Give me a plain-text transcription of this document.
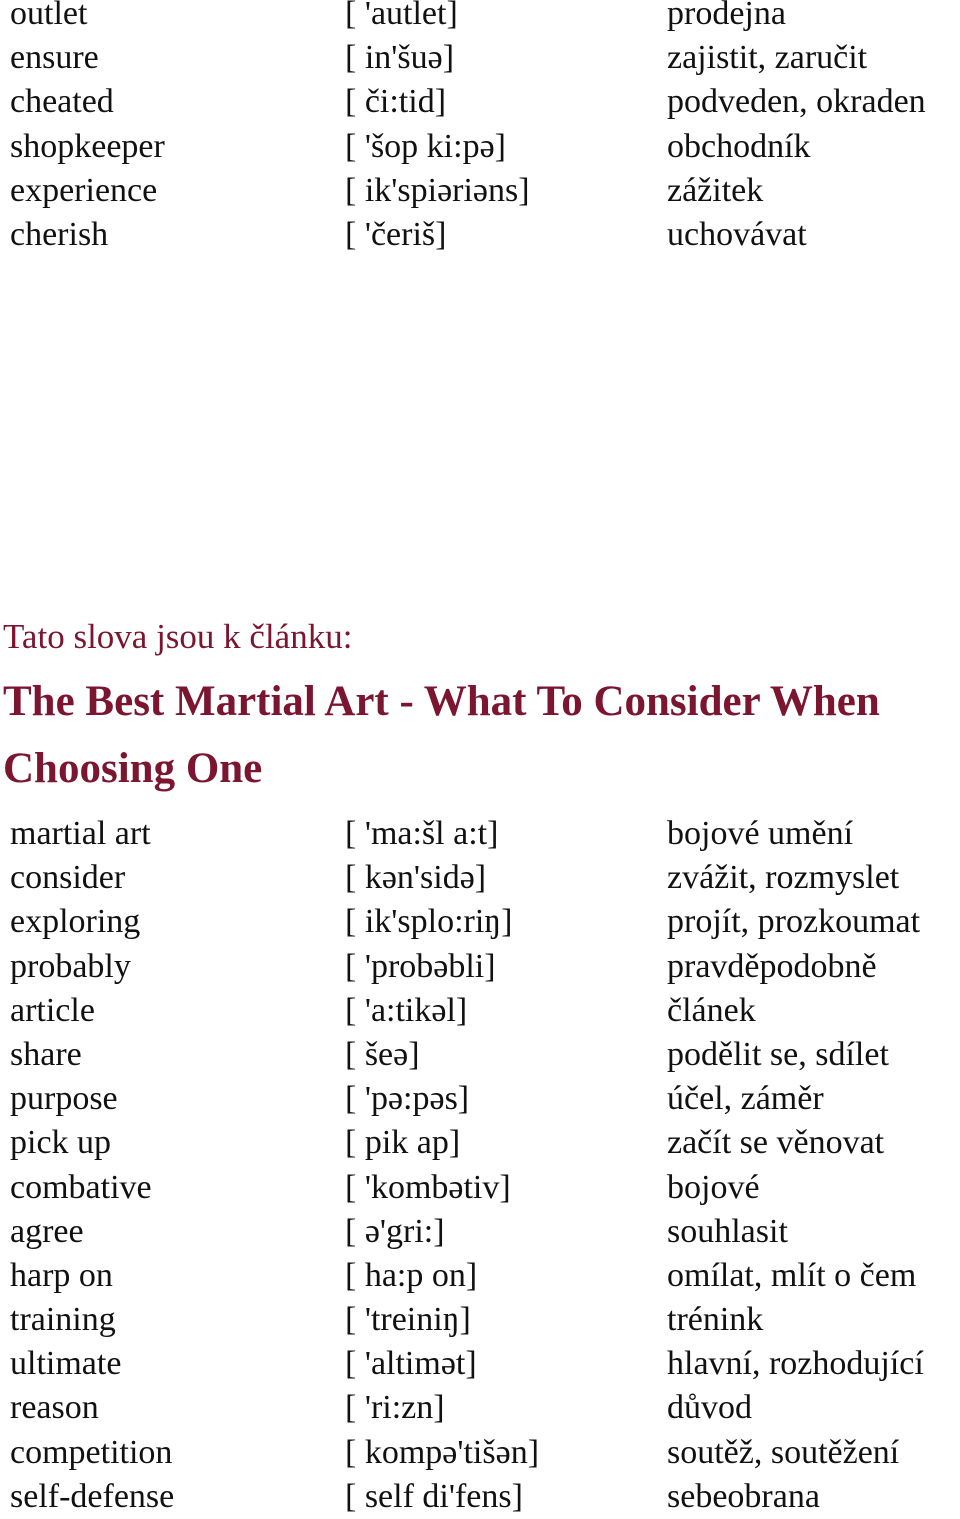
outlet	[ 'autlet]	prodejna
ensure	[ in'šuə]	zajistit, zaručit
cheated	[ či:tid]	podveden, okraden
shopkeeper	[ 'šop ki:pə]	obchodník
experience	[ ik'spiəriəns]	zážitek
cherish	[ 'čeriš]	uchovávat
Tato slova jsou k článku:
The Best Martial Art - What To Consider When Choosing One
martial art	[ 'ma:šl a:t]	bojové umění
consider	[ kən'sidə]	zvážit, rozmyslet
exploring	[ ik'splo:riŋ]	projít, prozkoumat
probably	[ 'probəbli]	pravděpodobně
article	[ 'a:tikəl]	článek
share	[ šeə]	podělit se, sdílet
purpose	[ 'pə:pəs]	účel, záměr
pick up	[ pik ap]	začít se věnovat
combative	[ 'kombətiv]	bojové
agree	[ ə'gri:]	souhlasit
harp on	[ ha:p on]	omílat, mlít o čem
training	[ 'treiniŋ]	trénink
ultimate	[ 'altimət]	hlavní, rozhodující
reason	[ 'ri:zn]	důvod
competition	[ kompə'tišən]	soutěž, soutěžení
self-defense	[ self di'fens]	sebeobrana
